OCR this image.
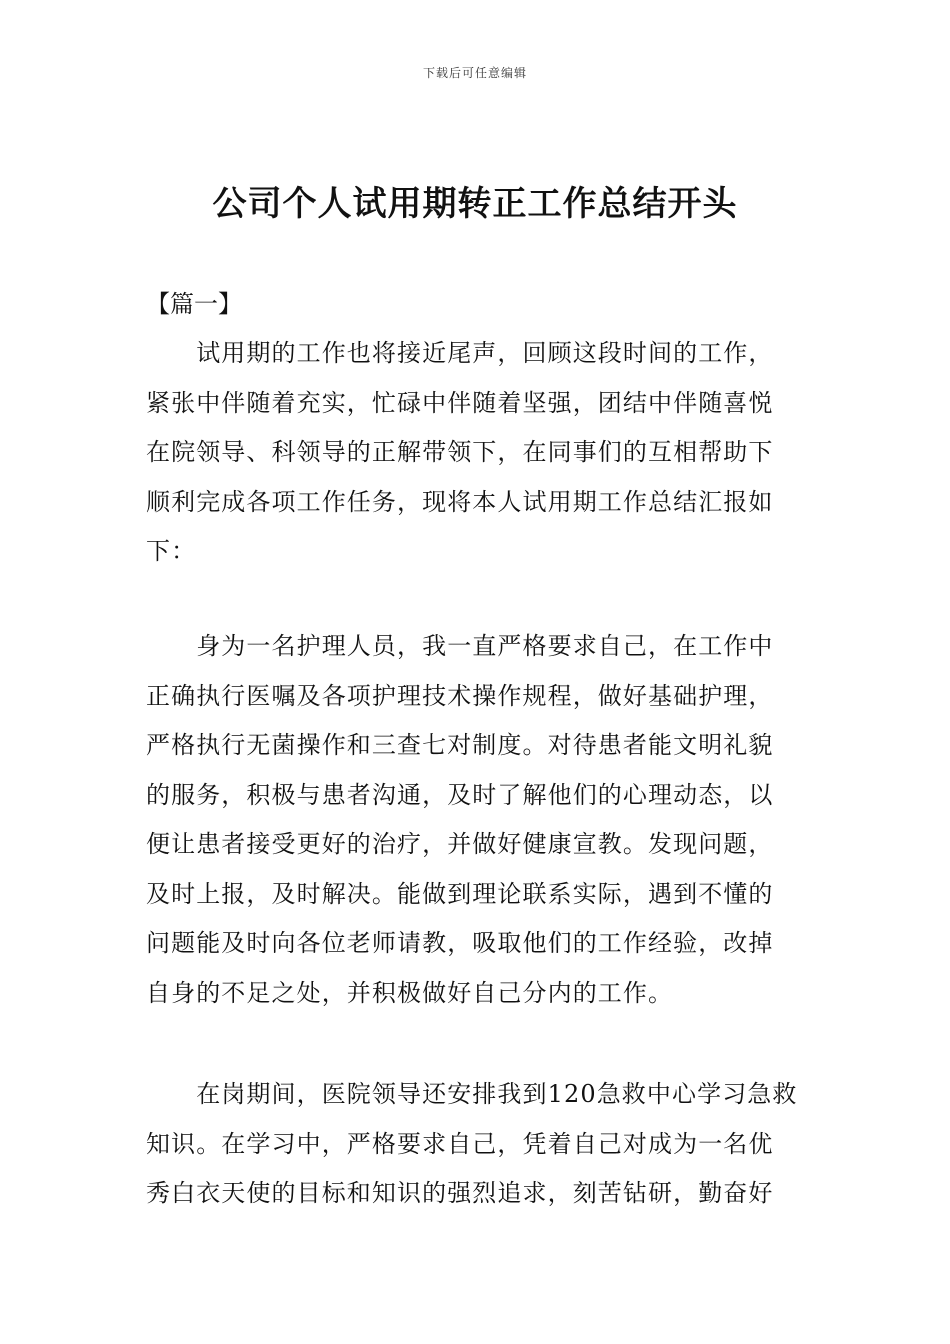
下载后可任意编辑
公司个人试用期转正工作总结开头
【篇一】
　　试用期的工作也将接近尾声，回顾这段时间的工作，
紧张中伴随着充实，忙碌中伴随着坚强，团结中伴随喜悦
在院领导、科领导的正解带领下，在同事们的互相帮助下
顺利完成各项工作任务，现将本人试用期工作总结汇报如
下：
　　身为一名护理人员，我一直严格要求自己，在工作中
正确执行医嘱及各项护理技术操作规程，做好基础护理，
严格执行无菌操作和三查七对制度。对待患者能文明礼貌
的服务，积极与患者沟通，及时了解他们的心理动态，以
便让患者接受更好的治疗，并做好健康宣教。发现问题，
及时上报，及时解决。能做到理论联系实际，遇到不懂的
问题能及时向各位老师请教，吸取他们的工作经验，改掉
自身的不足之处，并积极做好自己分内的工作。
　　在岗期间，医院领导还安排我到120急救中心学习急救
知识。在学习中，严格要求自己，凭着自己对成为一名优
秀白衣天使的目标和知识的强烈追求，刻苦钻研，勤奋好
